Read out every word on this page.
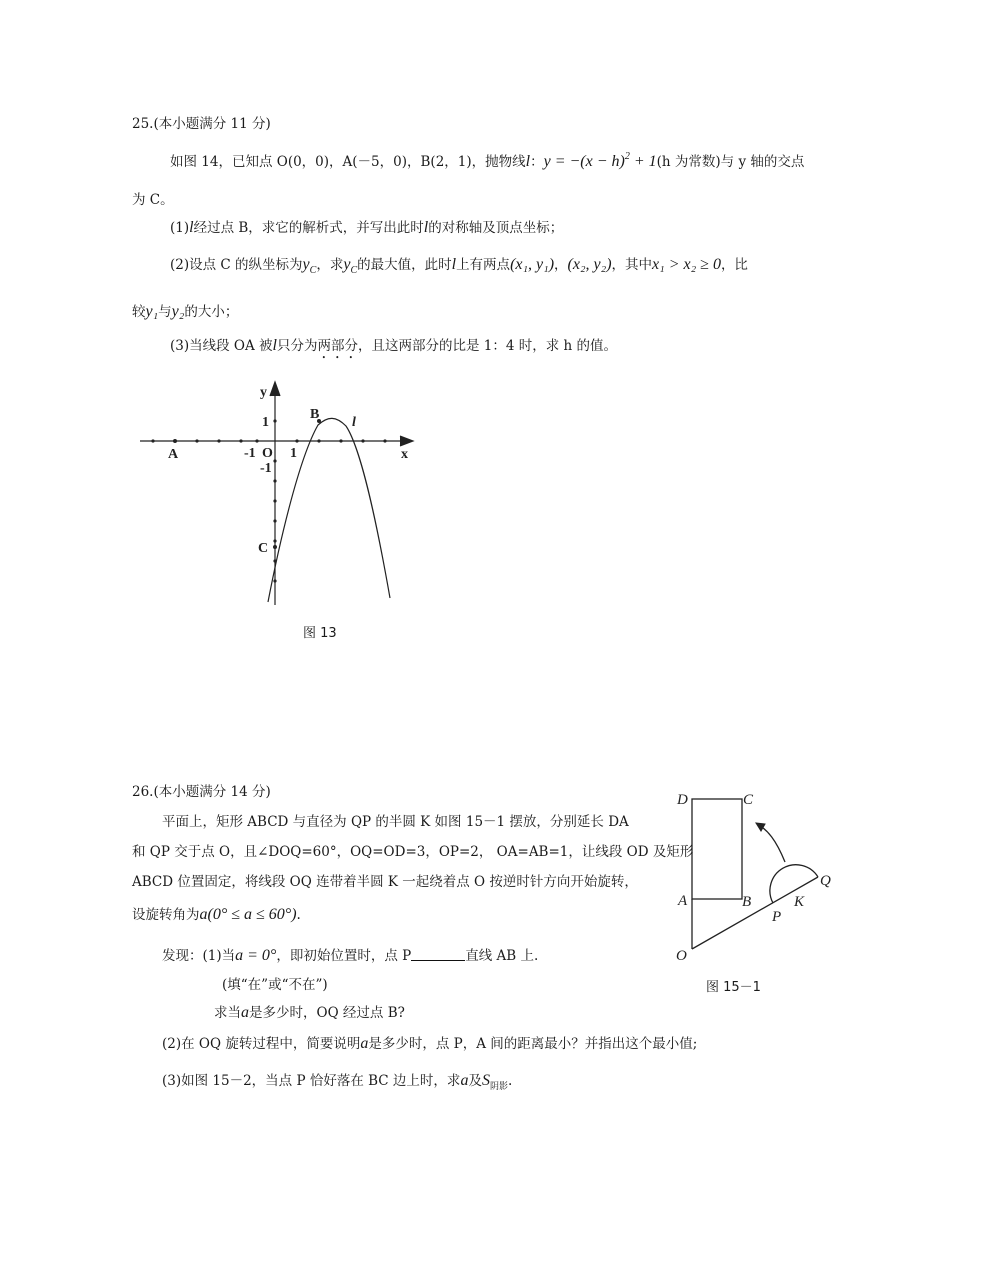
25.(本小题满分 11 分)
如图 14，已知点 O(0，0)，A(－5，0)，B(2，1)，抛物线l：$y = -(x - h)^2 + 1(h$ 为常数)与 y 轴的交点
为 C。
(1)l经过点 B，求它的解析式，并写出此时l的对称轴及顶点坐标；
(2)设点 C 的纵坐标为$y_C$，求$y_C$的最大值，此时l上有两点(x₁, y₁)，(x₂, y₂)，其中x₁ > x₂ ≥ 0，比
较y₁与y₂的大小；
(3)当线段 OA 被l只分为两部分，且这两部分的比是 1：4 时，求 h 的值。
y
x
1
-1 O
-1
1
A
B
C
l
图 13
26.(本小题满分 14 分)
平面上，矩形 ABCD 与直径为 QP 的半圆 K 如图 15－1 摆放，分别延长 DA
和 QP 交于点 O，且∠DOQ=60°，OQ=OD=3，OP=2， OA=AB=1，让线段 OD 及矩形
ABCD 位置固定，将线段 OQ 连带着半圆 K 一起绕着点 O 按逆时针方向开始旋转，
设旋转角为a(0° ≤ a ≤ 60°).
发现：(1)当a = 0°，即初始位置时，点 P	直线 AB 上.
(填“在”或“不在”)
求当a是多少时，OQ 经过点 B?
(2)在 OQ 旋转过程中，简要说明a是多少时，点 P，A 间的距离最小？并指出这个最小值;
(3)如图 15－2，当点 P 恰好落在 BC 边上时，求a及$S_{阴影}$.
D	C
A	B
O
P
K
Q
图 15－1
